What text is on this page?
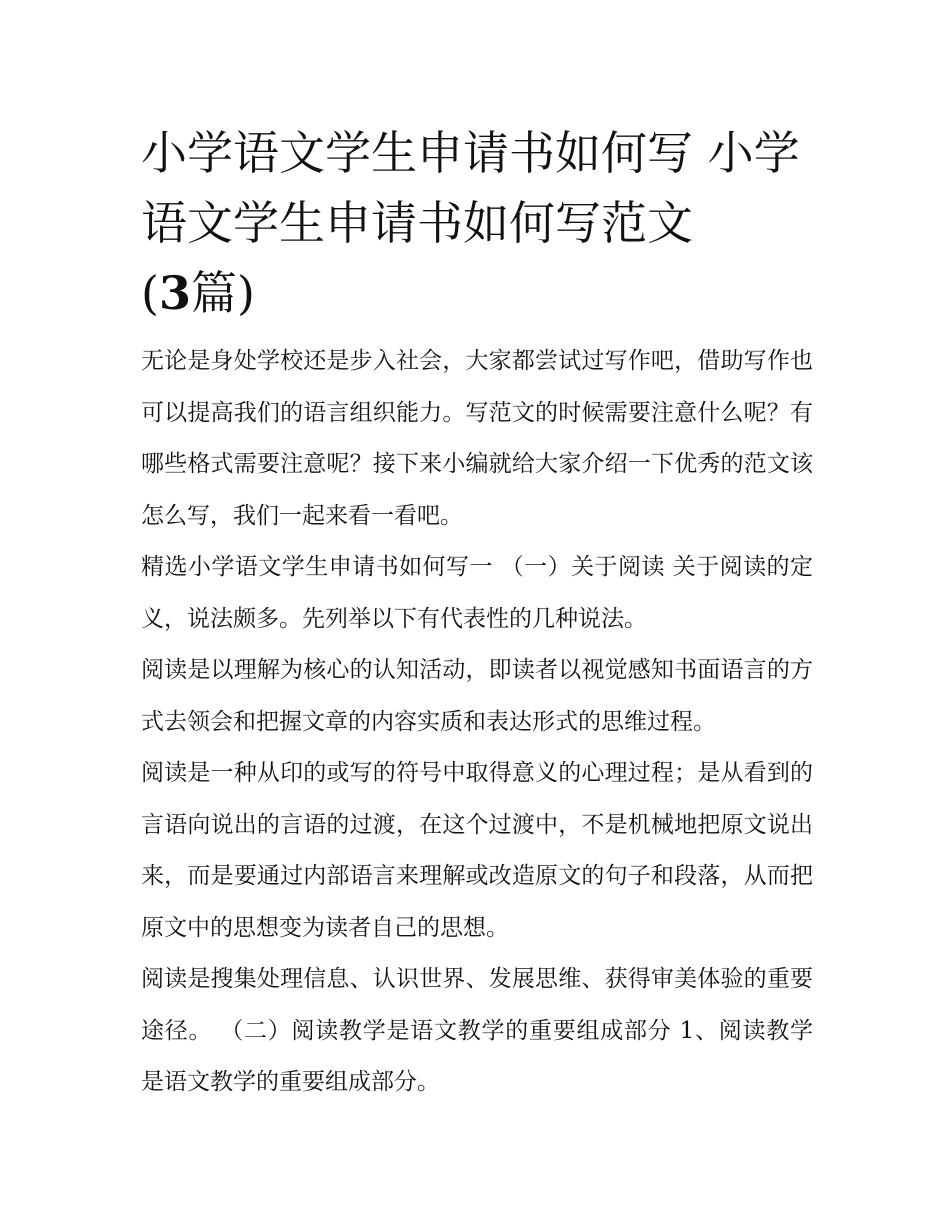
小学语文学生申请书如何写 小学语文学生申请书如何写范文
(3篇)

无论是身处学校还是步入社会，大家都尝试过写作吧，借助写作也可以提高我们的语言组织能力。写范文的时候需要注意什么呢？有哪些格式需要注意呢？接下来小编就给大家介绍一下优秀的范文该怎么写，我们一起来看一看吧。

精选小学语文学生申请书如何写一 （一）关于阅读 关于阅读的定义，说法颇多。先列举以下有代表性的几种说法。

阅读是以理解为核心的认知活动，即读者以视觉感知书面语言的方式去领会和把握文章的内容实质和表达形式的思维过程。

阅读是一种从印的或写的符号中取得意义的心理过程；是从看到的言语向说出的言语的过渡，在这个过渡中，不是机械地把原文说出来，而是要通过内部语言来理解或改造原文的句子和段落，从而把原文中的思想变为读者自己的思想。

阅读是搜集处理信息、认识世界、发展思维、获得审美体验的重要途径。 （二）阅读教学是语文教学的重要组成部分 1、阅读教学是语文教学的重要组成部分。
